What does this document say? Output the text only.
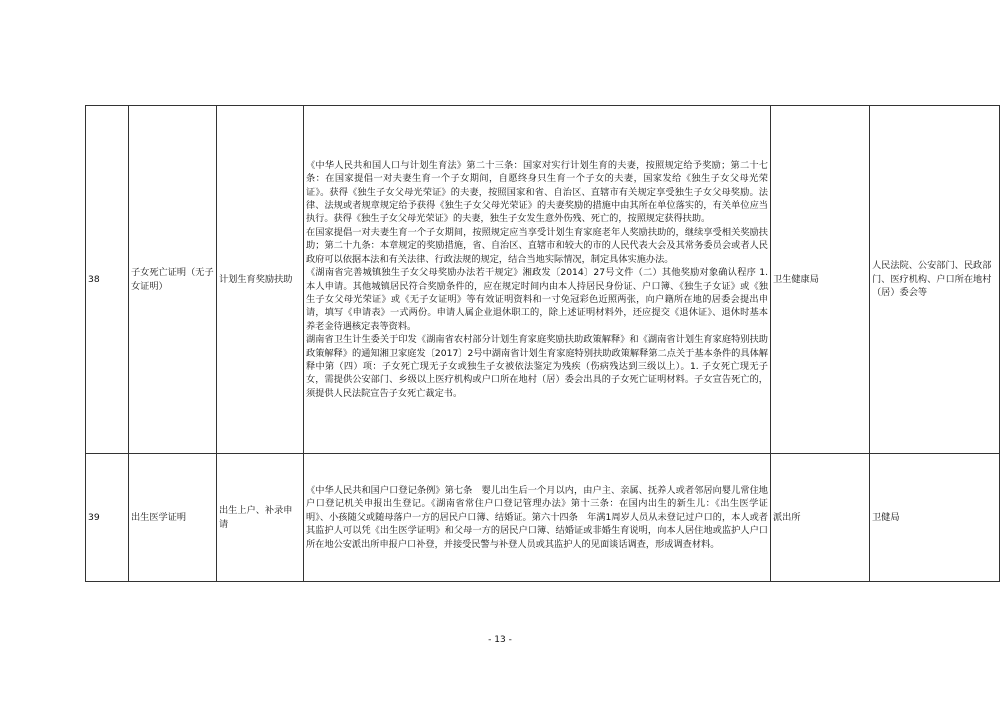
38	子女死亡证明（无子女证明）	计划生育奖励扶助	《中华人民共和国人口与计划生育法》第二十三条：国家对实行计划生育的夫妻，按照规定给予奖励；第二十七条：在国家提倡一对夫妻生育一个子女期间，自愿终身只生育一个子女的夫妻，国家发给《独生子女父母光荣证》。获得《独生子女父母光荣证》的夫妻，按照国家和省、自治区、直辖市有关规定享受独生子女父母奖励。法律、法规或者规章规定给予获得《独生子女父母光荣证》的夫妻奖励的措施中由其所在单位落实的，有关单位应当执行。获得《独生子女父母光荣证》的夫妻，独生子女发生意外伤残、死亡的，按照规定获得扶助。

在国家提倡一对夫妻生育一个子女期间，按照规定应当享受计划生育家庭老年人奖励扶助的，继续享受相关奖励扶助；第二十九条：本章规定的奖励措施，省、自治区、直辖市和较大的市的人民代表大会及其常务委员会或者人民政府可以依据本法和有关法律、行政法规的规定，结合当地实际情况，制定具体实施办法。

《湖南省完善城镇独生子女父母奖励办法若干规定》湘政发〔2014〕27号文件（二）其他奖励对象确认程序 1. 本人申请。其他城镇居民符合奖励条件的，应在规定时间内由本人持居民身份证、户口簿、《独生子女证》或《独生子女父母光荣证》或《无子女证明》等有效证明资料和一寸免冠彩色近照两张，向户籍所在地的居委会提出申请，填写《申请表》一式两份。申请人属企业退休职工的，除上述证明材料外，还应提交《退休证》、退休时基本养老金待遇核定表等资料。

湖南省卫生计生委关于印发《湖南省农村部分计划生育家庭奖励扶助政策解释》和《湖南省计划生育家庭特别扶助政策解释》的通知湘卫家庭发〔2017〕2号中湖南省计划生育家庭特别扶助政策解释第二点关于基本条件的具体解释中第（四）项：子女死亡现无子女或独生子女被依法鉴定为残疾（伤病残达到三级以上）。1. 子女死亡现无子女，需提供公安部门、乡级以上医疗机构或户口所在地村（居）委会出具的子女死亡证明材料。子女宣告死亡的，须提供人民法院宣告子女死亡裁定书。	卫生健康局	人民法院、公安部门、民政部门、医疗机构、户口所在地村（居）委会等
39	出生医学证明	出生上户、补录申请	《中华人民共和国户口登记条例》第七条　婴儿出生后一个月以内，由户主、亲属、抚养人或者邻居向婴儿常住地户口登记机关申报出生登记。《湖南省常住户口登记管理办法》第十三条：在国内出生的新生儿：《出生医学证明》、小孩随父或随母落户一方的居民户口簿、结婚证。第六十四条　年满1周岁人员从未登记过户口的，本人或者其监护人可以凭《出生医学证明》和父母一方的居民户口簿、结婚证或非婚生育说明，向本人居住地或监护人户口所在地公安派出所申报户口补登，并接受民警与补登人员或其监护人的见面谈话调查，形成调查材料。	派出所	卫健局
- 13 -
